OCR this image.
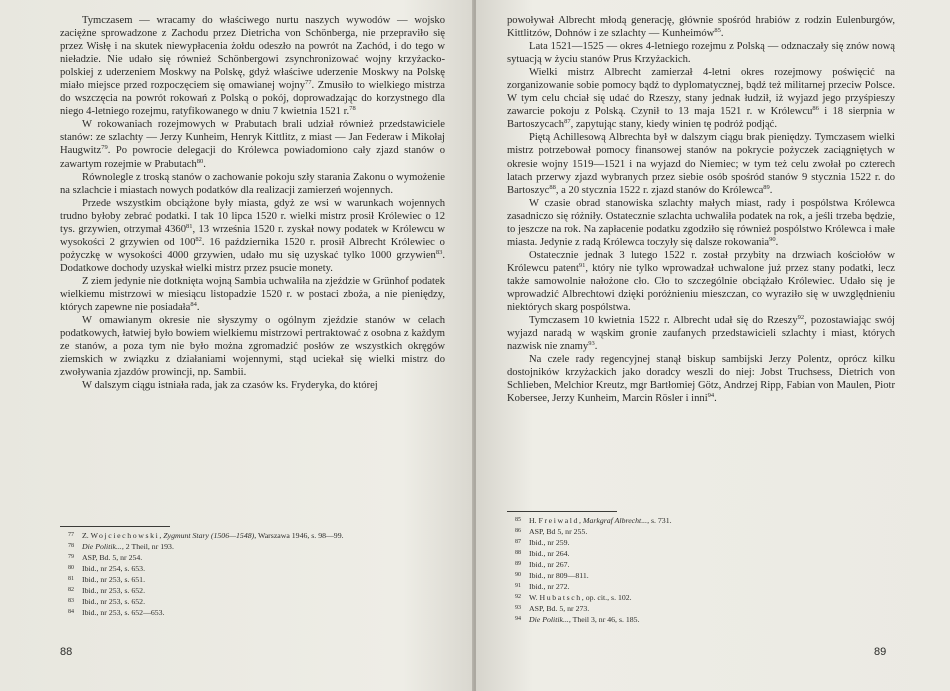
Tymczasem — wracamy do właściwego nurtu naszych wywodów — wojsko zaciężne sprowadzone z Zachodu przez Dietricha von Schönberga, nie przepraviło się przez Wisłę i na skutek niewypłacenia żołdu odeszło na powrót na Zachód, i do tego w nieładzie. Nie udało się również Schönbergowi zsynchronizować wojny krzyżacko-polskiej z uderzeniem Moskwy na Polskę, gdyż właściwe uderzenie Moskwy na Polskę miało miejsce przed rozpoczęciem się omawianej wojny$^{77}$. Zmusiło to wielkiego mistrza do wszczęcia na powrót rokowań z Polską o pokój, doprowadzając do korzystnego dla niego 4-letniego rozejmu, ratyfikowanego w dniu 7 kwietnia 1521 r.$^{78}$

W rokowaniach rozejmowych w Prabutach brali udział również przedstawiciele stanów: ze szlachty — Jerzy Kunheim, Henryk Kittlitz, z miast — Jan Federaw i Mikołaj Haugwitz$^{79}$. Po powrocie delegacji do Królewca powiadomiono cały zjazd stanów o zawartym rozejmie w Prabutach$^{80}$.

Równolegle z troską stanów o zachowanie pokoju szły starania Zakonu o wymożenie na szlachcie i miastach nowych podatków dla realizacji zamierzeń wojennych.

Przede wszystkim obciążone były miasta, gdyż ze wsi w warunkach wojennych trudno byłoby zebrać podatki. I tak 10 lipca 1520 r. wielki mistrz prosił Królewiec o 12 tys. grzywien, otrzymał 4360$^{81}$, 13 września 1520 r. zyskał nowy podatek w Królewcu w wysokości 2 grzywien od $100^{82}$. 16 października 1520 r. prosił Albrecht Królewiec o pożyczkę w wysokości 4000 grzywien, udało mu się uzyskać tylko 1000 grzywien$^{83}$. Dodatkowe dochody uzyskał wielki mistrz przez psucie monety.

Z ziem jedynie nie dotknięta wojną Sambia uchwaliła na zjeździe w Grünhof podatek wielkiemu mistrzowi w miesiącu listopadzie 1520 r. w postaci zboża, a nie pieniędzy, których zapewne nie posiadała$^{84}$.

W omawianym okresie nie słyszymy o ogólnym zjeździe stanów w celach podatkowych, łatwiej było bowiem wielkiemu mistrzowi pertraktować z osobna z każdym ze stanów, a poza tym nie było można zgromadzić posłów ze wszystkich okręgów ziemskich w związku z działaniami wojennymi, stąd uciekał się wielki mistrz do zwoływania zjazdów prowincji, np. Sambii.

W dalszym ciągu istniała rada, jak za czasów ks. Fryderyka, do której

77 Z. Wojciechowski, Zygmunt Stary (1506—1548), Warszawa 1946, s. 98—99.

78 Die Politik..., 2 Theil, nr 193.

79 ASP, Bd. 5, nr 254.

80 Ibid., nr 254, s. 653.

81 Ibid., nr 253, s. 651.

82 Ibid., nr 253, s. 652.

83 Ibid., nr 253, s. 652.

84 Ibid., nr 253, s. 652—653.

88

powoływał Albrecht młodą generację, głównie spośród hrabiów z rodzin Eulenburgów, Kittlitzów, Dohnów i ze szlachty — Kunheimów$^{85}$.

Lata 1521—1525 — okres 4-letniego rozejmu z Polską — odznaczały się znów nową sytuacją w życiu stanów Prus Krzyżackich.

Wielki mistrz Albrecht zamierzał 4-letni okres rozejmowy poświęcić na zorganizowanie sobie pomocy bądź to dyplomatycznej, bądź też militarnej przeciw Polsce. W tym celu chciał się udać do Rzeszy, stany jednak łudził, iż wyjazd jego przyśpieszy zawarcie pokoju z Polską. Czynił to 13 maja 1521 r. w Królewcu$^{86}$ i 18 sierpnia w Bartoszycach$^{87}$, zapytując stany, kiedy winien tę podróż podjąć.

Piętą Achillesową Albrechta był w dalszym ciągu brak pieniędzy. Tymczasem wielki mistrz potrzebował pomocy finansowej stanów na pokrycie pożyczek zaciągniętych w okresie wojny 1519—1521 i na wyjazd do Niemiec; w tym też celu zwołał po czterech latach przerwy zjazd wybranych przez siebie osób spośród stanów 9 stycznia 1522 r. do Bartoszyc$^{88}$, a 20 stycznia 1522 r. zjazd stanów do Królewca$^{89}$.

W czasie obrad stanowiska szlachty małych miast, rady i pospólstwa Królewca zasadniczo się różniły. Ostatecznie szlachta uchwaliła podatek na rok, a jeśli trzeba będzie, to jeszcze na rok. Na zapłacenie podatku zgodziło się również pospólstwo Królewca i małe miasta. Jedynie z radą Królewca toczyły się dalsze rokowania$^{90}$.

Ostatecznie jednak 3 lutego 1522 r. został przybity na drzwiach kościołów w Królewcu patent$^{91}$, który nie tylko wprowadzał uchwalone już przez stany podatki, lecz także samowolnie nałożone cło. Cło to szczególnie obciążało Królewiec. Udało się je wprowadzić Albrechtowi dzięki poróżnieniu mieszczan, co wyraziło się w uwzględnieniu niektórych skarg pospólstwa.

Tymczasem 10 kwietnia 1522 r. Albrecht udał się do Rzeszy$^{92}$, pozostawiając swój wyjazd naradą w wąskim gronie zaufanych przedstawicieli szlachty i miast, których nazwisk nie znamy$^{93}$.

Na czele rady regencyjnej stanął biskup sambijski Jerzy Polentz, oprócz kilku dostojników krzyżackich jako doradcy weszli do niej: Jobst Truchsess, Dietrich von Schlieben, Melchior Kreutz, mgr Bartłomiej Götz, Andrzej Ripp, Fabian von Maulen, Piotr Kobersee, Jerzy Kunheim, Marcin Rösler i inni$^{94}$.

85 H. Freiwald, Markgraf Albrecht..., s. 731.

86 ASP, Bd 5, nr 255.

87 Ibid., nr 259.

88 Ibid., nr 264.

89 Ibid., nr 267.

90 Ibid., nr 809—811.

91 Ibid., nr 272.

92 W. Hubatsch, op. cit., s. 102.

93 ASP, Bd. 5, nr 273.

94 Die Politik..., Theil 3, nr 46, s. 185.

89
